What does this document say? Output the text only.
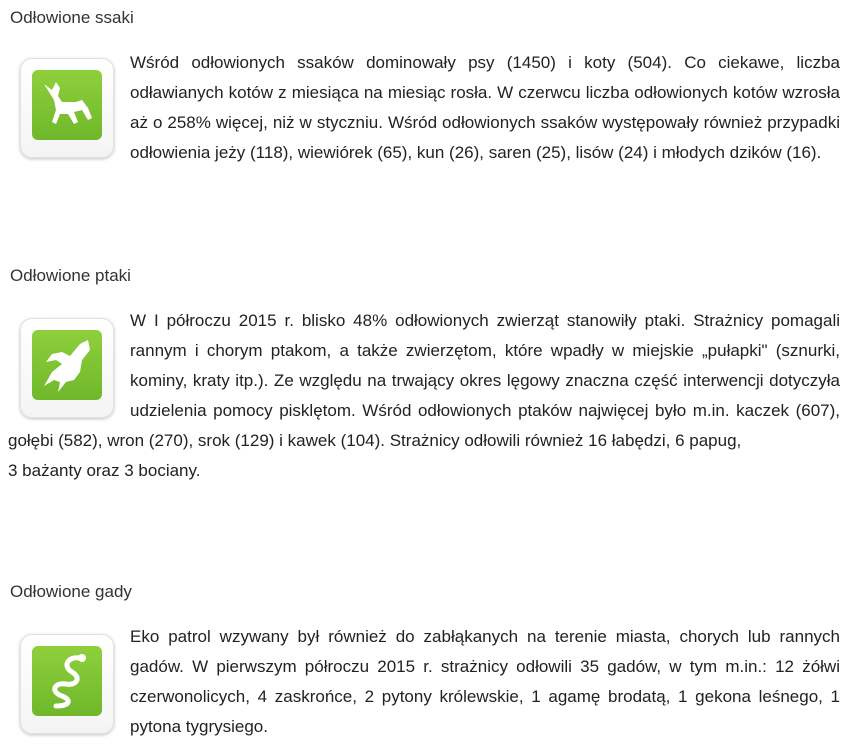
Odłowione ssaki

Wśród odłowionych ssaków dominowały psy (1450) i koty (504). Co ciekawe, liczba odławianych kotów z miesiąca na miesiąc rosła. W czerwcu liczba odłowionych kotów wzrosła aż o 258% więcej, niż w styczniu. Wśród odłowionych ssaków występowały również przypadki odłowienia jeży (118), wiewiórek (65), kun (26), saren (25), lisów (24) i młodych dzików (16).

Odłowione ptaki

W I półroczu 2015 r. blisko 48% odłowionych zwierząt stanowiły ptaki. Strażnicy pomagali rannym i chorym ptakom, a także zwierzętom, które wpadły w miejskie „pułapki" (sznurki, kominy, kraty itp.). Ze względu na trwający okres lęgowy znaczna część interwencji dotyczyła udzielenia pomocy pisklętom. Wśród odłowionych ptaków najwięcej było m.in. kaczek (607), gołębi (582), wron (270), srok (129) i kawek (104). Strażnicy odłowili również 16 łabędzi, 6 papug,
3 bażanty oraz 3 bociany.

Odłowione gady

Eko patrol wzywany był również do zabłąkanych na terenie miasta, chorych lub rannych gadów. W pierwszym półroczu 2015 r. strażnicy odłowili 35 gadów, w tym m.in.: 12 żółwi czerwonolicych, 4 zaskrońce, 2 pytony królewskie, 1 agamę brodatą, 1 gekona leśnego, 1 pytona tygrysiego.
